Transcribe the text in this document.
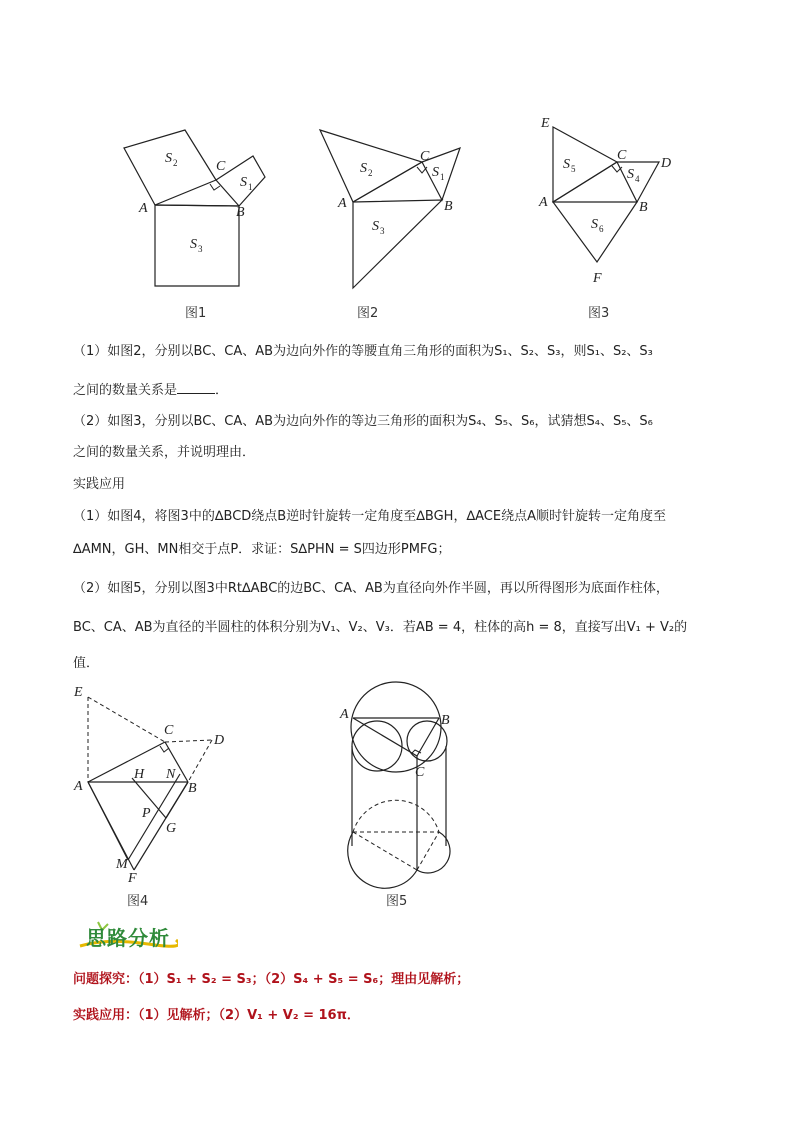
S 2
S 1
S 3
C
A	B
图1
S 2	S 1
S 3
C
A	B
图2
S 5	S 4
S 6
E
C
D
A	B
F
图3
（1）如图2，分别以BC、CA、AB为边向外作的等腰直角三角形的面积为S₁、S₂、S₃，则S₁、S₂、S₃
之间的数量关系是	．
（2）如图3，分别以BC、CA、AB为边向外作的等边三角形的面积为S₄、S₅、S₆，试猜想S₄、S₅、S₆
之间的数量关系，并说明理由．
实践应用
（1）如图4，将图3中的∆BCD绕点B逆时针旋转一定角度至∆BGH，∆ACE绕点A顺时针旋转一定角度至
∆AMN，GH、MN相交于点P．求证：S∆PHN = S四边形PMFG；
（2）如图5，分别以图3中Rt∆ABC的边BC、CA、AB为直径向外作半圆，再以所得图形为底面作柱体，
BC、CA、AB为直径的半圆柱的体积分别为V₁、V₂、V₃．若AB = 4，柱体的高h = 8，直接写出V₁ + V₂的
值．
E
C
D
A
H N
B
P
G
M
F
图4
A	B
C
图5
思路分析
问题探究：（1）S₁ + S₂ = S₃；（2）S₄ + S₅ = S₆；理由见解析；
实践应用：（1）见解析；（2）V₁ + V₂ = 16π．
